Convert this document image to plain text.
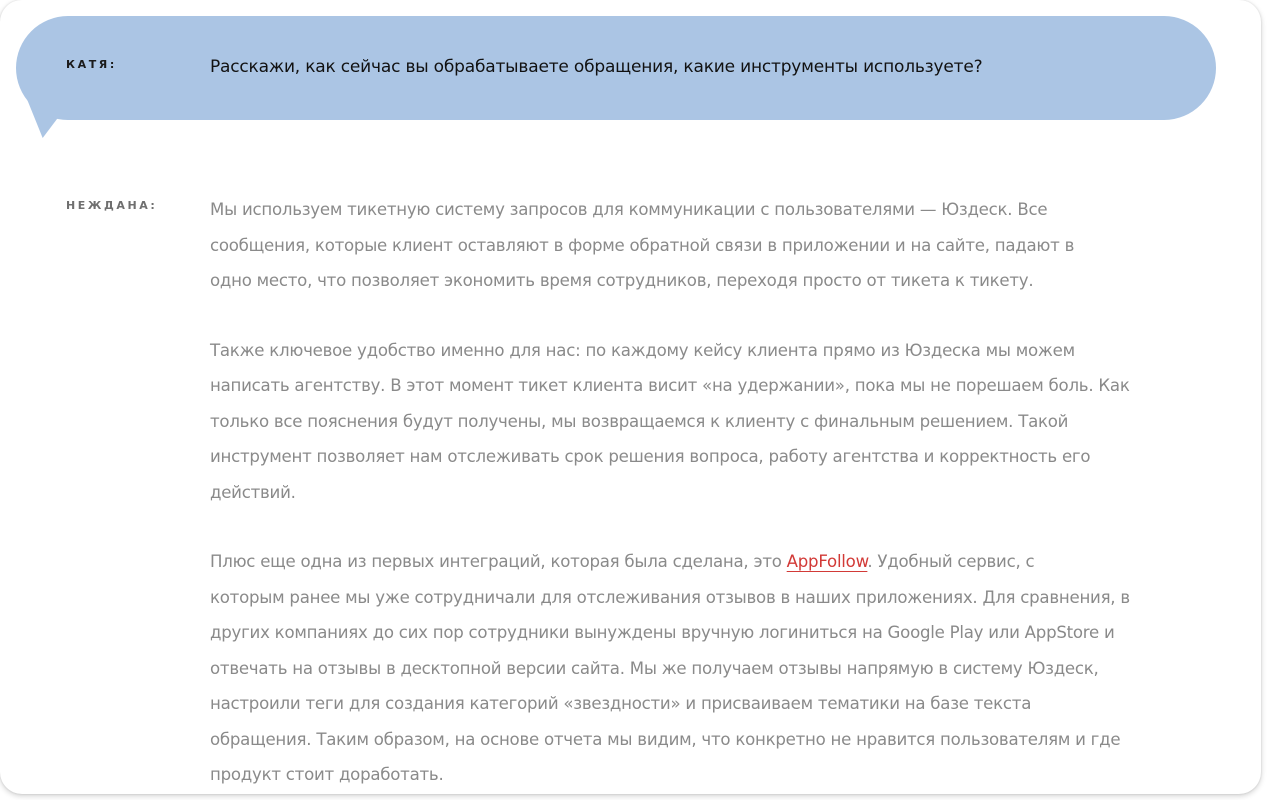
КАТЯ:	Расскажи, как сейчас вы обрабатываете обращения, какие инструменты используете?
НЕЖДАНА:	Мы используем тикетную систему запросов для коммуникации с пользователями — Юздеск. Все
сообщения, которые клиент оставляют в форме обратной связи в приложении и на сайте, падают в
одно место, что позволяет экономить время сотрудников, переходя просто от тикета к тикету.

Также ключевое удобство именно для нас: по каждому кейсу клиента прямо из Юздеска мы можем
написать агентству. В этот момент тикет клиента висит «на удержании», пока мы не порешаем боль. Как
только все пояснения будут получены, мы возвращаемся к клиенту с финальным решением. Такой
инструмент позволяет нам отслеживать срок решения вопроса, работу агентства и корректность его
действий.

Плюс еще одна из первых интеграций, которая была сделана, это AppFollow. Удобный сервис, с
которым ранее мы уже сотрудничали для отслеживания отзывов в наших приложениях. Для сравнения, в
других компаниях до сих пор сотрудники вынуждены вручную логиниться на Google Play или AppStore и
отвечать на отзывы в десктопной версии сайта. Мы же получаем отзывы напрямую в систему Юздеск,
настроили теги для создания категорий «звездности» и присваиваем тематики на базе текста
обращения. Таким образом, на основе отчета мы видим, что конкретно не нравится пользователям и где
продукт стоит доработать.
